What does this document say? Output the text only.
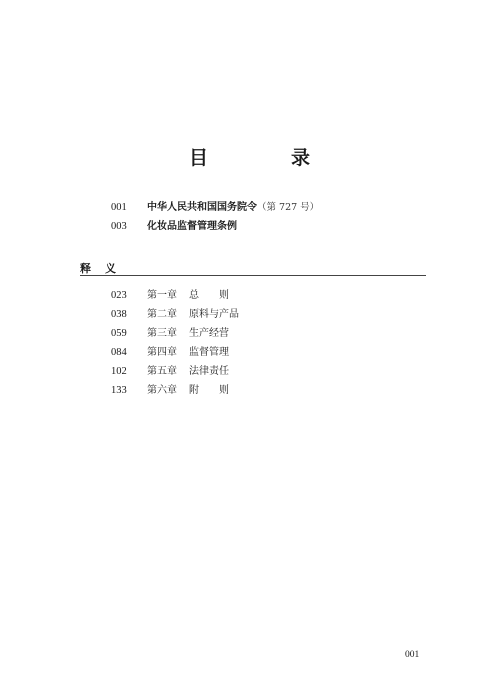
目　录
001 中华人民共和国国务院令（第 727 号）
003 化妆品监督管理条例
释义
023 第一章 总　　则
038 第二章 原料与产品
059 第三章 生产经营
084 第四章 监督管理
102 第五章 法律责任
133 第六章 附　　则
001
